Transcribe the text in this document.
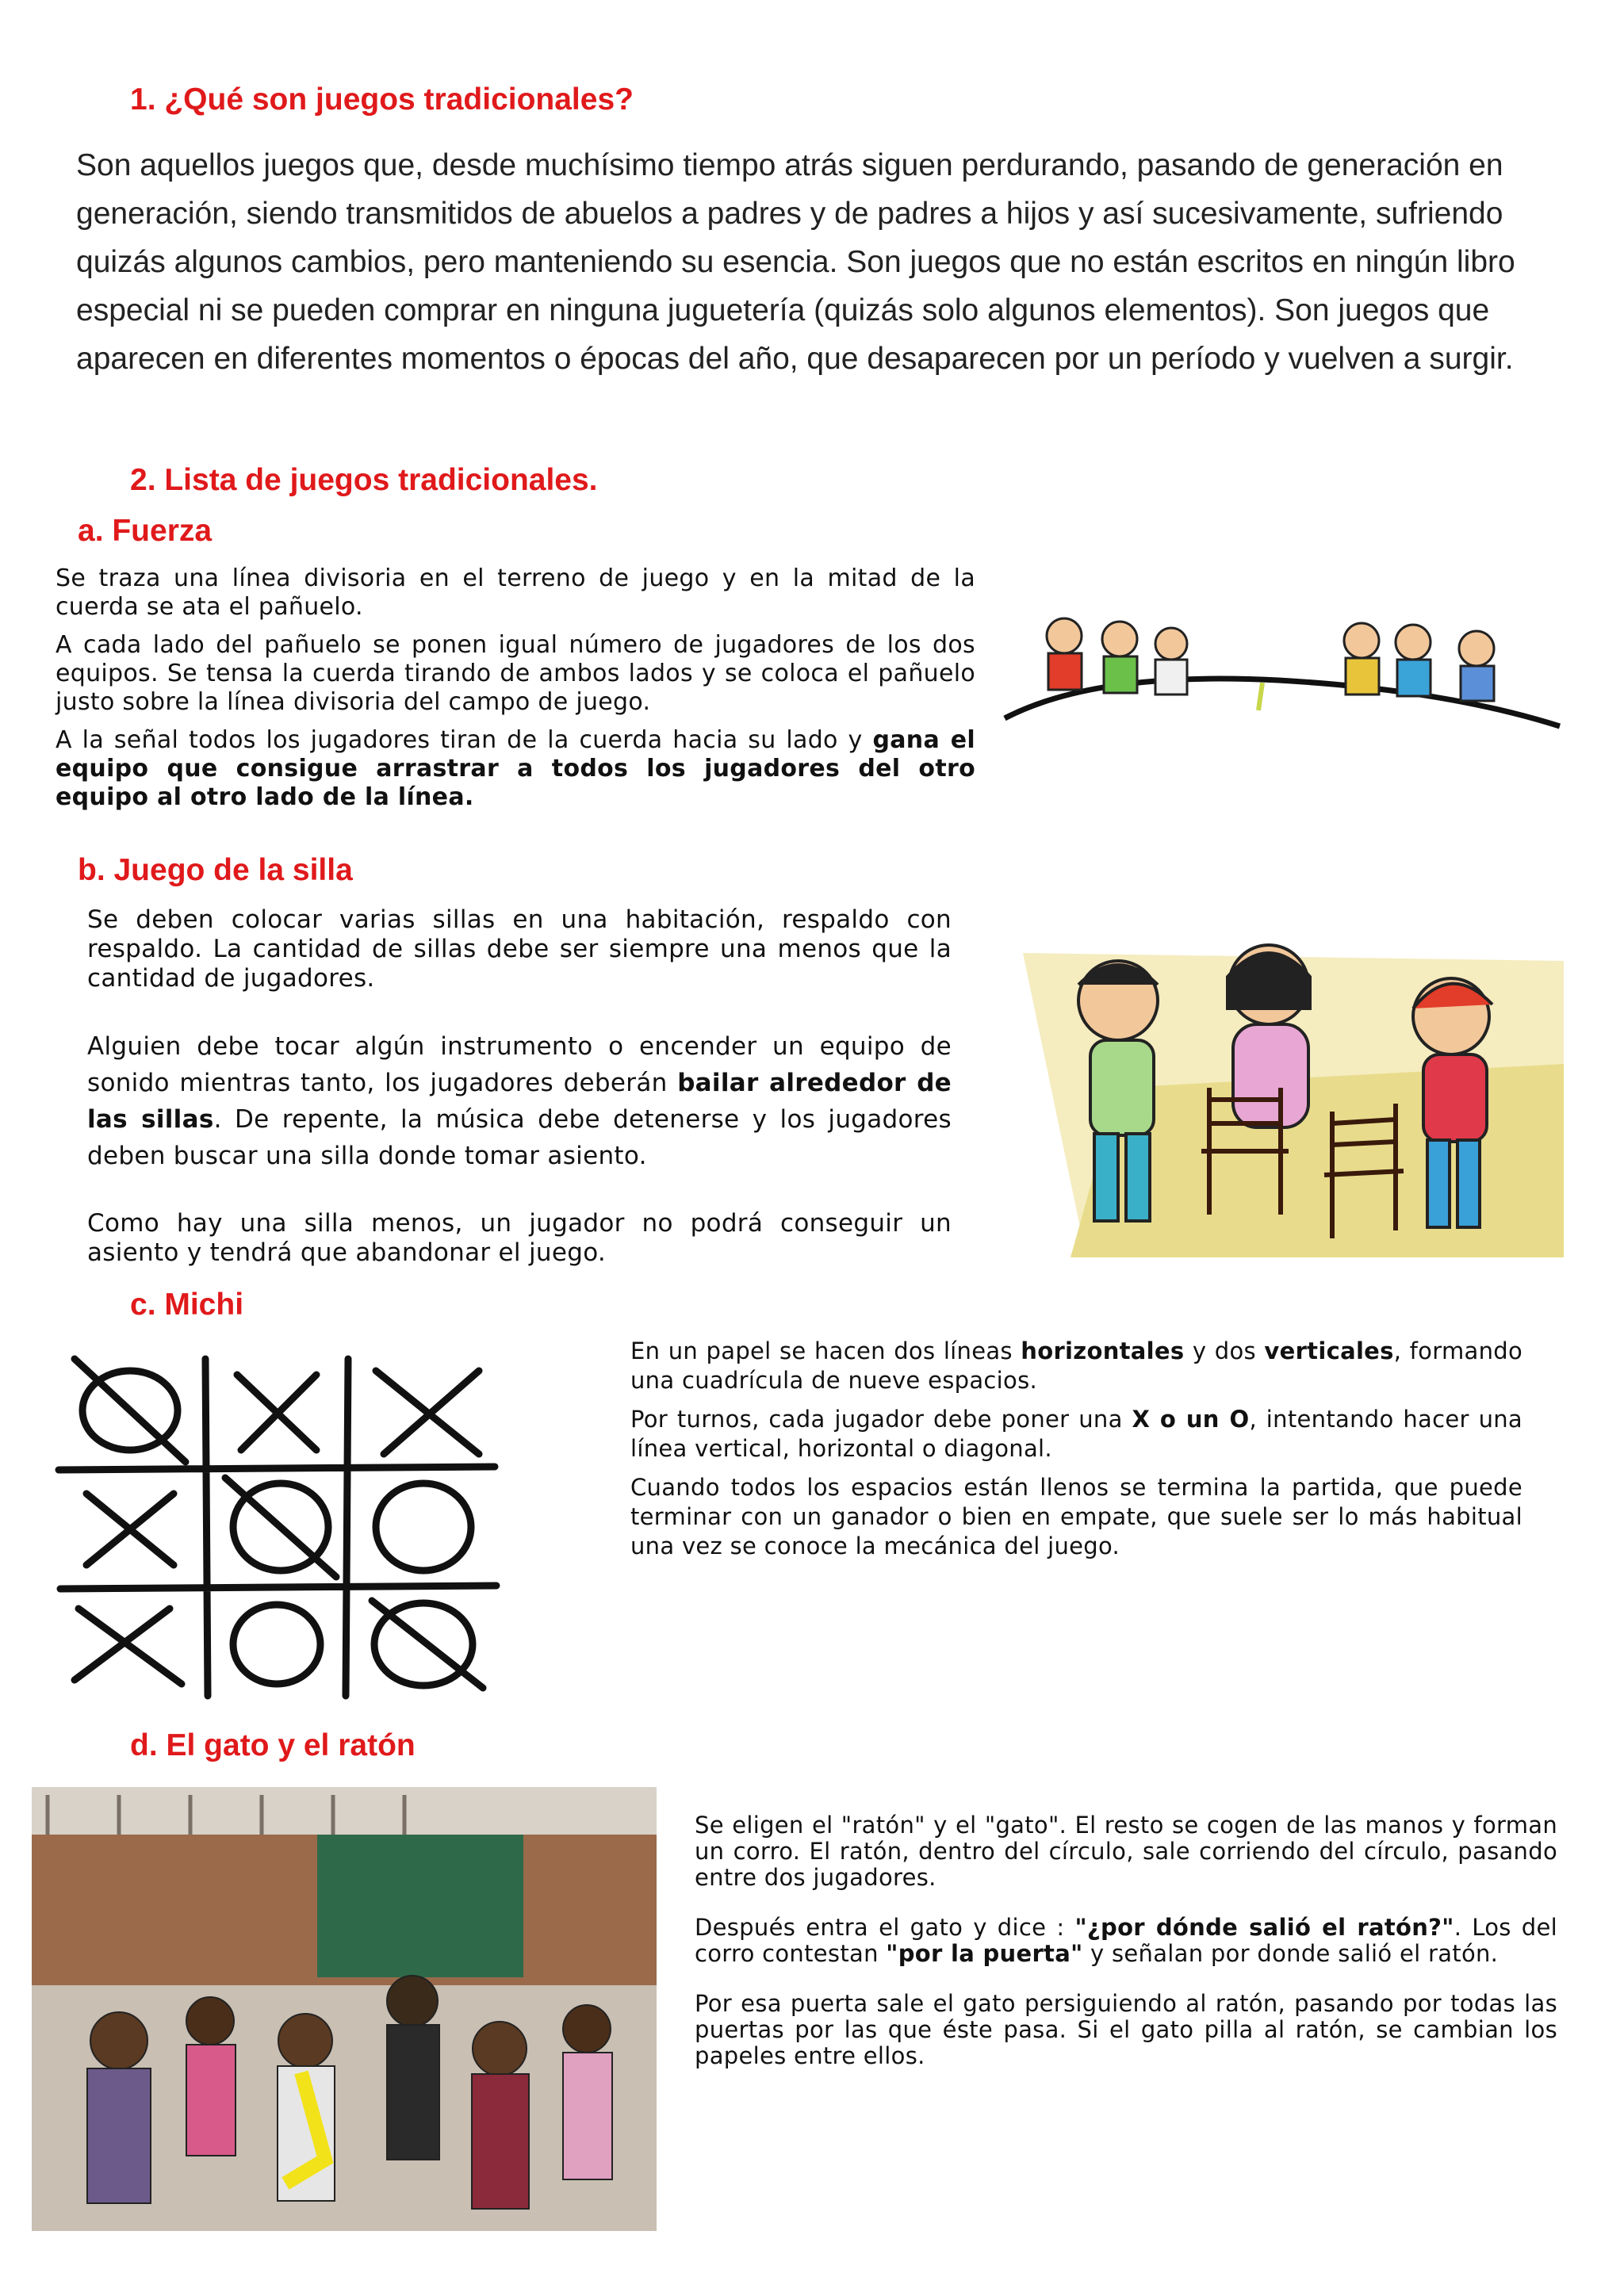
1. ¿Qué son juegos tradicionales?

Son aquellos juegos que, desde muchísimo tiempo atrás siguen perdurando, pasando de generación en generación, siendo transmitidos de abuelos a padres y de padres a hijos y así sucesivamente, sufriendo quizás algunos cambios, pero manteniendo su esencia. Son juegos que no están escritos en ningún libro especial ni se pueden comprar en ninguna juguetería (quizás solo algunos elementos). Son juegos que aparecen en diferentes momentos o épocas del año, que desaparecen por un período y vuelven a surgir.

2. Lista de juegos tradicionales.
a. Fuerza

Se traza una línea divisoria en el terreno de juego y en la mitad de la cuerda se ata el pañuelo.

A cada lado del pañuelo se ponen igual número de jugadores de los dos equipos. Se tensa la cuerda tirando de ambos lados y se coloca el pañuelo justo sobre la línea divisoria del campo de juego.

A la señal todos los jugadores tiran de la cuerda hacia su lado y gana el equipo que consigue arrastrar a todos los jugadores del otro equipo al otro lado de la línea.

b. Juego de la silla

Se deben colocar varias sillas en una habitación, respaldo con respaldo. La cantidad de sillas debe ser siempre una menos que la cantidad de jugadores.

Alguien debe tocar algún instrumento o encender un equipo de sonido mientras tanto, los jugadores deberán bailar alrededor de las sillas. De repente, la música debe detenerse y los jugadores deben buscar una silla donde tomar asiento.

Como hay una silla menos, un jugador no podrá conseguir un asiento y tendrá que abandonar el juego.

c. Michi

En un papel se hacen dos líneas horizontales y dos verticales, formando una cuadrícula de nueve espacios.

Por turnos, cada jugador debe poner una X o un O, intentando hacer una línea vertical, horizontal o diagonal.

Cuando todos los espacios están llenos se termina la partida, que puede terminar con un ganador o bien en empate, que suele ser lo más habitual una vez se conoce la mecánica del juego.

d. El gato y el ratón

Se eligen el "ratón" y el "gato". El resto se cogen de las manos y forman un corro. El ratón, dentro del círculo, sale corriendo del círculo, pasando entre dos jugadores.

Después entra el gato y dice : "¿por dónde salió el ratón?". Los del corro contestan "por la puerta" y señalan por donde salió el ratón.

Por esa puerta sale el gato persiguiendo al ratón, pasando por todas las puertas por las que éste pasa. Si el gato pilla al ratón, se cambian los papeles entre ellos.
